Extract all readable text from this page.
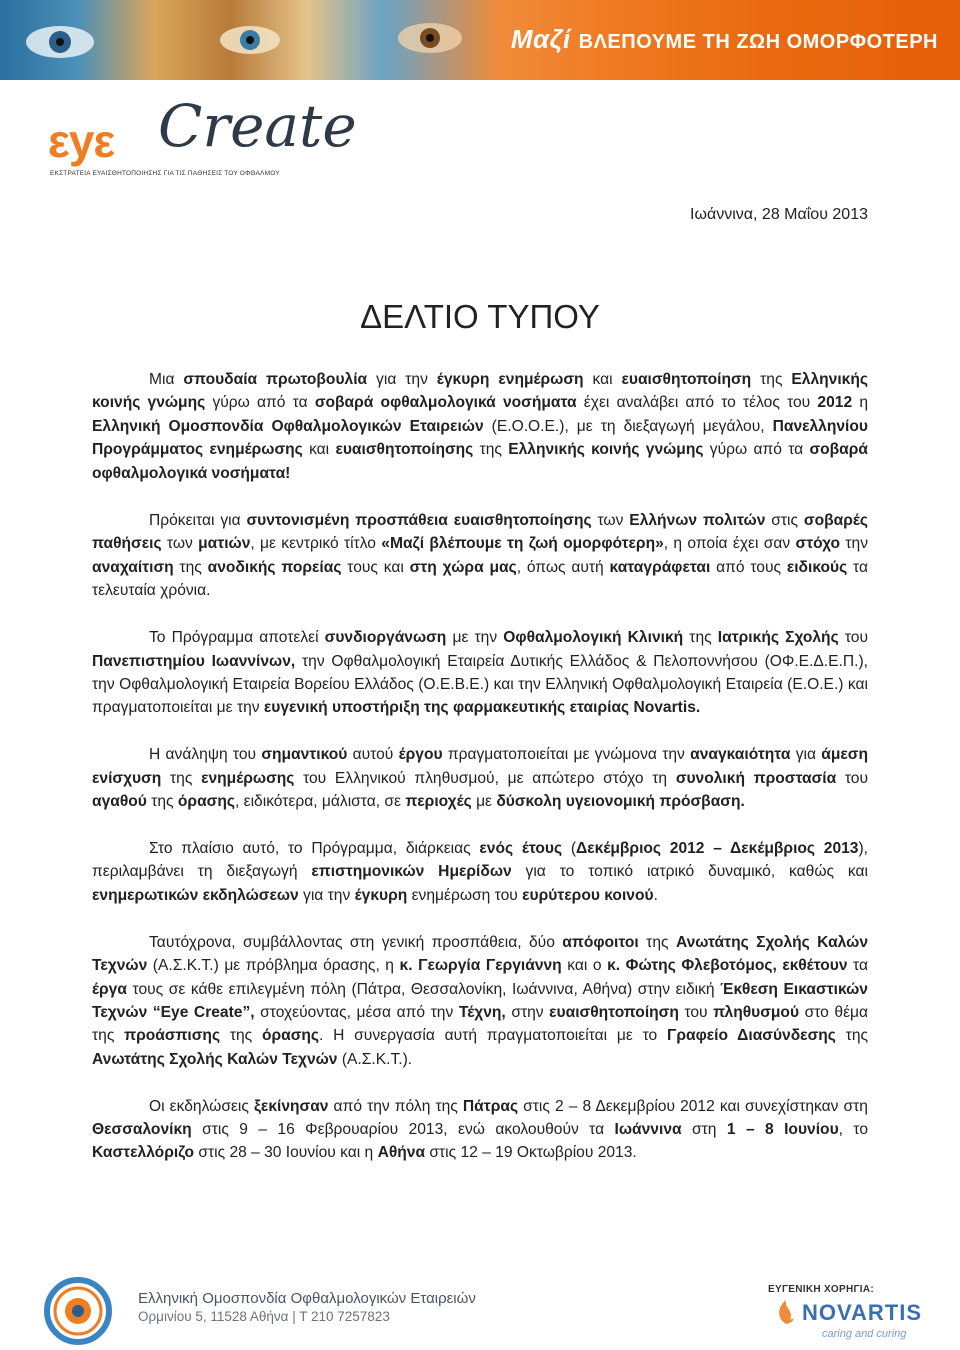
Μαζί ΒΛΕΠΟΥΜΕ ΤΗ ΖΩΗ ΟΜΟΡΦΟΤΕΡΗ
εyε Create
ΕΚΣΤΡΑΤΕΙΑ ΕΥΑΙΣΘΗΤΟΠΟΙΗΣΗΣ ΓΙΑ ΤΙΣ ΠΑΘΗΣΕΙΣ ΤΟΥ ΟΦΘΑΛΜΟΥ
Ιωάννινα, 28 Μαΐου 2013
ΔΕΛΤΙΟ ΤΥΠΟΥ

Μια σπουδαία πρωτοβουλία για την έγκυρη ενημέρωση και ευαισθητοποίηση της Ελληνικής κοινής γνώμης γύρω από τα σοβαρά οφθαλμολογικά νοσήματα έχει αναλάβει από το τέλος του 2012 η Ελληνική Ομοσπονδία Οφθαλμολογικών Εταιρειών (Ε.Ο.Ο.Ε.), με τη διεξαγωγή μεγάλου, Πανελληνίου Προγράμματος ενημέρωσης και ευαισθητοποίησης της Ελληνικής κοινής γνώμης γύρω από τα σοβαρά οφθαλμολογικά νοσήματα!

Πρόκειται για συντονισμένη προσπάθεια ευαισθητοποίησης των Ελλήνων πολιτών στις σοβαρές παθήσεις των ματιών, με κεντρικό τίτλο «Μαζί βλέπουμε τη ζωή ομορφότερη», η οποία έχει σαν στόχο την αναχαίτιση της ανοδικής πορείας τους και στη χώρα μας, όπως αυτή καταγράφεται από τους ειδικούς τα τελευταία χρόνια.

Το Πρόγραμμα αποτελεί συνδιοργάνωση με την Οφθαλμολογική Κλινική της Ιατρικής Σχολής του Πανεπιστημίου Ιωαννίνων, την Οφθαλμολογική Εταιρεία Δυτικής Ελλάδος & Πελοποννήσου (ΟΦ.Ε.Δ.Ε.Π.), την Οφθαλμολογική Εταιρεία Βορείου Ελλάδος (Ο.Ε.Β.Ε.) και την Ελληνική Οφθαλμολογική Εταιρεία (Ε.Ο.Ε.) και πραγματοποιείται με την ευγενική υποστήριξη της φαρμακευτικής εταιρίας Novartis.

Η ανάληψη του σημαντικού αυτού έργου πραγματοποιείται με γνώμονα την αναγκαιότητα για άμεση ενίσχυση της ενημέρωσης του Ελληνικού πληθυσμού, με απώτερο στόχο τη συνολική προστασία του αγαθού της όρασης, ειδικότερα, μάλιστα, σε περιοχές με δύσκολη υγειονομική πρόσβαση.

Στο πλαίσιο αυτό, το Πρόγραμμα, διάρκειας ενός έτους (Δεκέμβριος 2012 – Δεκέμβριος 2013), περιλαμβάνει τη διεξαγωγή επιστημονικών Ημερίδων για το τοπικό ιατρικό δυναμικό, καθώς και ενημερωτικών εκδηλώσεων για την έγκυρη ενημέρωση του ευρύτερου κοινού.

Ταυτόχρονα, συμβάλλοντας στη γενική προσπάθεια, δύο απόφοιτοι της Ανωτάτης Σχολής Καλών Τεχνών (Α.Σ.Κ.Τ.) με πρόβλημα όρασης, η κ. Γεωργία Γεργιάννη και ο κ. Φώτης Φλεβοτόμος, εκθέτουν τα έργα τους σε κάθε επιλεγμένη πόλη (Πάτρα, Θεσσαλονίκη, Ιωάννινα, Αθήνα) στην ειδική Έκθεση Εικαστικών Τεχνών “Eye Create”, στοχεύοντας, μέσα από την Τέχνη, στην ευαισθητοποίηση του πληθυσμού στο θέμα της προάσπισης της όρασης. Η συνεργασία αυτή πραγματοποιείται με το Γραφείο Διασύνδεσης της Ανωτάτης Σχολής Καλών Τεχνών (Α.Σ.Κ.Τ.).

Οι εκδηλώσεις ξεκίνησαν από την πόλη της Πάτρας στις 2 – 8 Δεκεμβρίου 2012 και συνεχίστηκαν στη Θεσσαλονίκη στις 9 – 16 Φεβρουαρίου 2013, ενώ ακολουθούν τα Ιωάννινα στη 1 – 8 Ιουνίου, το Καστελλόριζο στις 28 – 30 Ιουνίου και η Αθήνα στις 12 – 19 Οκτωβρίου 2013.

Ελληνική Ομοσπονδία Οφθαλμολογικών Εταιρειών
Ορμινίου 5, 11528 Αθήνα | Τ 210 7257823
ΕΥΓΕΝΙΚΗ ΧΟΡΗΓΙΑ:
NOVARTIS
caring and curing
